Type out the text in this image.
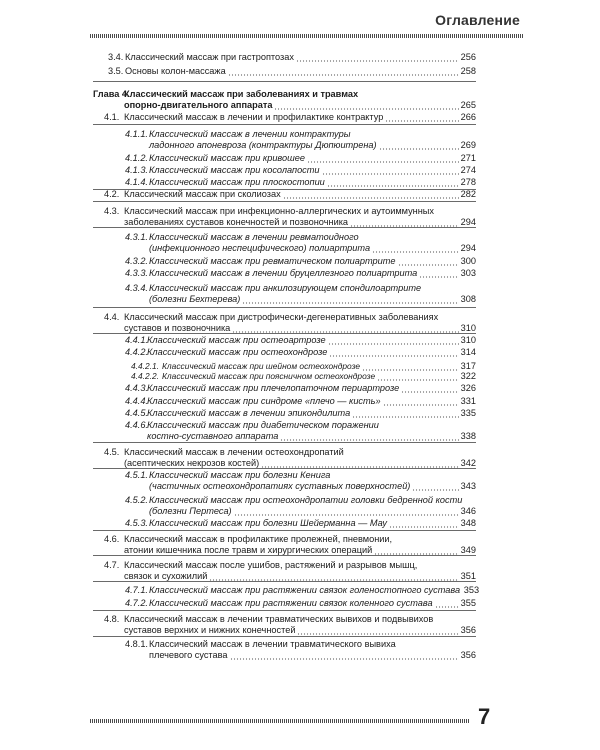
Оглавление
3.4. Классический массаж при гастроптозах	256
3.5. Основы колон-массажа	258
Глава 4.
Классический массаж при заболеваниях и травмах
опорно-двигательного аппарата	265
4.1. Классический массаж в лечении и профилактике контрактур	266
4.1.1. Классический массаж в лечении контрактуры
ладонного апоневроза (контрактуры Дюпюитрена)	269
4.1.2. Классический массаж при кривошее	271
4.1.3. Классический массаж при косолапости	274
4.1.4. Классический массаж при плоскостопии	278
4.2. Классический массаж при сколиозах	282
4.3. Классический массаж при инфекционно-аллергических и аутоиммунных
заболеваниях суставов конечностей и позвоночника	294
4.3.1. Классический массаж в лечении ревматоидного
(инфекционного неспецифического) полиартрита	294
4.3.2. Классический массаж при ревматическом полиартрите	300
4.3.3. Классический массаж в лечении бруцеллезного полиартрита	303
4.3.4. Классический массаж при анкилозирующем спондилоартрите
(болезни Бехтерева)	308
4.4. Классический массаж при дистрофически-дегенеративных заболеваниях
суставов и позвоночника	310
4.4.1. Классический массаж при остеоартрозе	310
4.4.2. Классический массаж при остеохондрозе	314
4.4.2.1. Классический массаж при шейном остеохондрозе	317
4.4.2.2. Классический массаж при поясничном остеохондрозе	322
4.4.3. Классический массаж при плечелопаточном периартрозе	326
4.4.4. Классический массаж при синдроме «плечо — кисть»	331
4.4.5. Классический массаж в лечении эпикондилита	335
4.4.6. Классический массаж при диабетическом поражении
костно-суставного аппарата	338
4.5. Классический массаж в лечении остеохондропатий
(асептических некрозов костей)	342
4.5.1. Классический массаж при болезни Кенига
(частичных остеохондропатиях суставных поверхностей)	343
4.5.2. Классический массаж при остеохондропатии головки бедренной кости
(болезни Пертеса)	346
4.5.3. Классический массаж при болезни Шейерманна — Мау	348
4.6. Классический массаж в профилактике пролежней, пневмонии,
атонии кишечника после травм и хирургических операций	349
4.7. Классический массаж после ушибов, растяжений и разрывов мышц,
связок и сухожилий	351
4.7.1. Классический массаж при растяжении связок голеностопного сустава 353
4.7.2. Классический массаж при растяжении связок коленного сустава	355
4.8. Классический массаж в лечении травматических вывихов и подвывихов
суставов верхних и нижних конечностей	356
4.8.1. Классический массаж в лечении травматического вывиха
плечевого сустава	356
7
